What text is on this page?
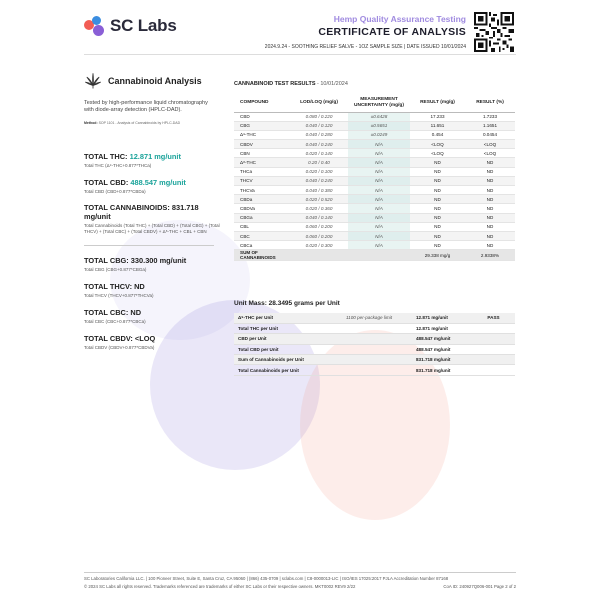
SC Labs	Hemp Quality Assurance Testing
CERTIFICATE OF ANALYSIS
2024.9.24 - SOOTHING RELIEF SALVE - 1OZ SAMPLE SIZE | DATE ISSUED 10/01/2024
Cannabinoid Analysis
Tested by high-performance liquid chromatography with diode-array detection (HPLC-DAD).
Method: SOP 1101 - Analysis of Cannabinoids by HPLC-DAD
TOTAL THC: 12.871 mg/unit
Total THC (Δ⁹-THC+0.877*THCa)
TOTAL CBD: 488.547 mg/unit
Total CBD (CBD+0.877*CBDa)
TOTAL CANNABINOIDS: 831.718 mg/unit
Total Cannabinoids (Total THC) + (Total CBD) + (Total CBG) + (Total THCV) + (Total CBC) + (Total CBDV) + Δ⁸-THC + CBL + CBN
TOTAL CBG: 330.300 mg/unit
Total CBG (CBG+0.877*CBGa)
TOTAL THCV: ND
Total THCV (THCV+0.877*THCVa)
TOTAL CBC: ND
Total CBC (CBC+0.877*CBCa)
TOTAL CBDV: <LOQ
Total CBDV (CBDV+0.877*CBDVa)
CANNABINOID TEST RESULTS - 10/01/2024
COMPOUND	LOD/LOQ (mg/g)	MEASUREMENT UNCERTAINTY (mg/g)	RESULT (mg/g)	RESULT (%)
CBD	0.080 / 0.220	±0.6428	17.233	1.7233
CBG	0.040 / 0.120	±0.5651	11.651	1.1651
Δ⁹-THC	0.040 / 0.280	±0.0249	0.454	0.0454
CBDV	0.040 / 0.240	N/A	<LOQ	<LOQ
CBN	0.020 / 0.140	N/A	<LOQ	<LOQ
Δ⁸-THC	0.20 / 0.40	N/A	ND	ND
THCa	0.020 / 0.100	N/A	ND	ND
THCV	0.040 / 0.240	N/A	ND	ND
THCVa	0.040 / 0.380	N/A	ND	ND
CBDa	0.020 / 0.520	N/A	ND	ND
CBDVa	0.020 / 0.360	N/A	ND	ND
CBGa	0.040 / 0.140	N/A	ND	ND
CBL	0.060 / 0.200	N/A	ND	ND
CBC	0.060 / 0.200	N/A	ND	ND
CBCa	0.020 / 0.300	N/A	ND	ND
SUM OF CANNABINOIDS			29.338 mg/g	2.9338%
Unit Mass: 28.3495 grams per Unit
Δ⁹-THC per Unit	1100 per-package limit	12.871 mg/unit	PASS
Total THC per Unit		12.871 mg/unit	
CBD per Unit		488.547 mg/unit	
Total CBD per Unit		488.547 mg/unit	
Sum of Cannabinoids per Unit		831.718 mg/unit	
Total Cannabinoids per Unit		831.718 mg/unit	
SC Laboratories California LLC. | 100 Pioneer Street, Suite E, Santa Cruz, CA 95060 | (866) 435-0709 | sclabs.com | C8-0000013-LIC | ISO/IES 17025:2017 PJLA Accreditation Number 87168
© 2024 SC Labs all rights reserved. Trademarks referenced are trademarks of either SC Labs or their respective owners. MKT0002 REV9 2/22	CoA ID: 240927Q006-001 Page 2 of 2
